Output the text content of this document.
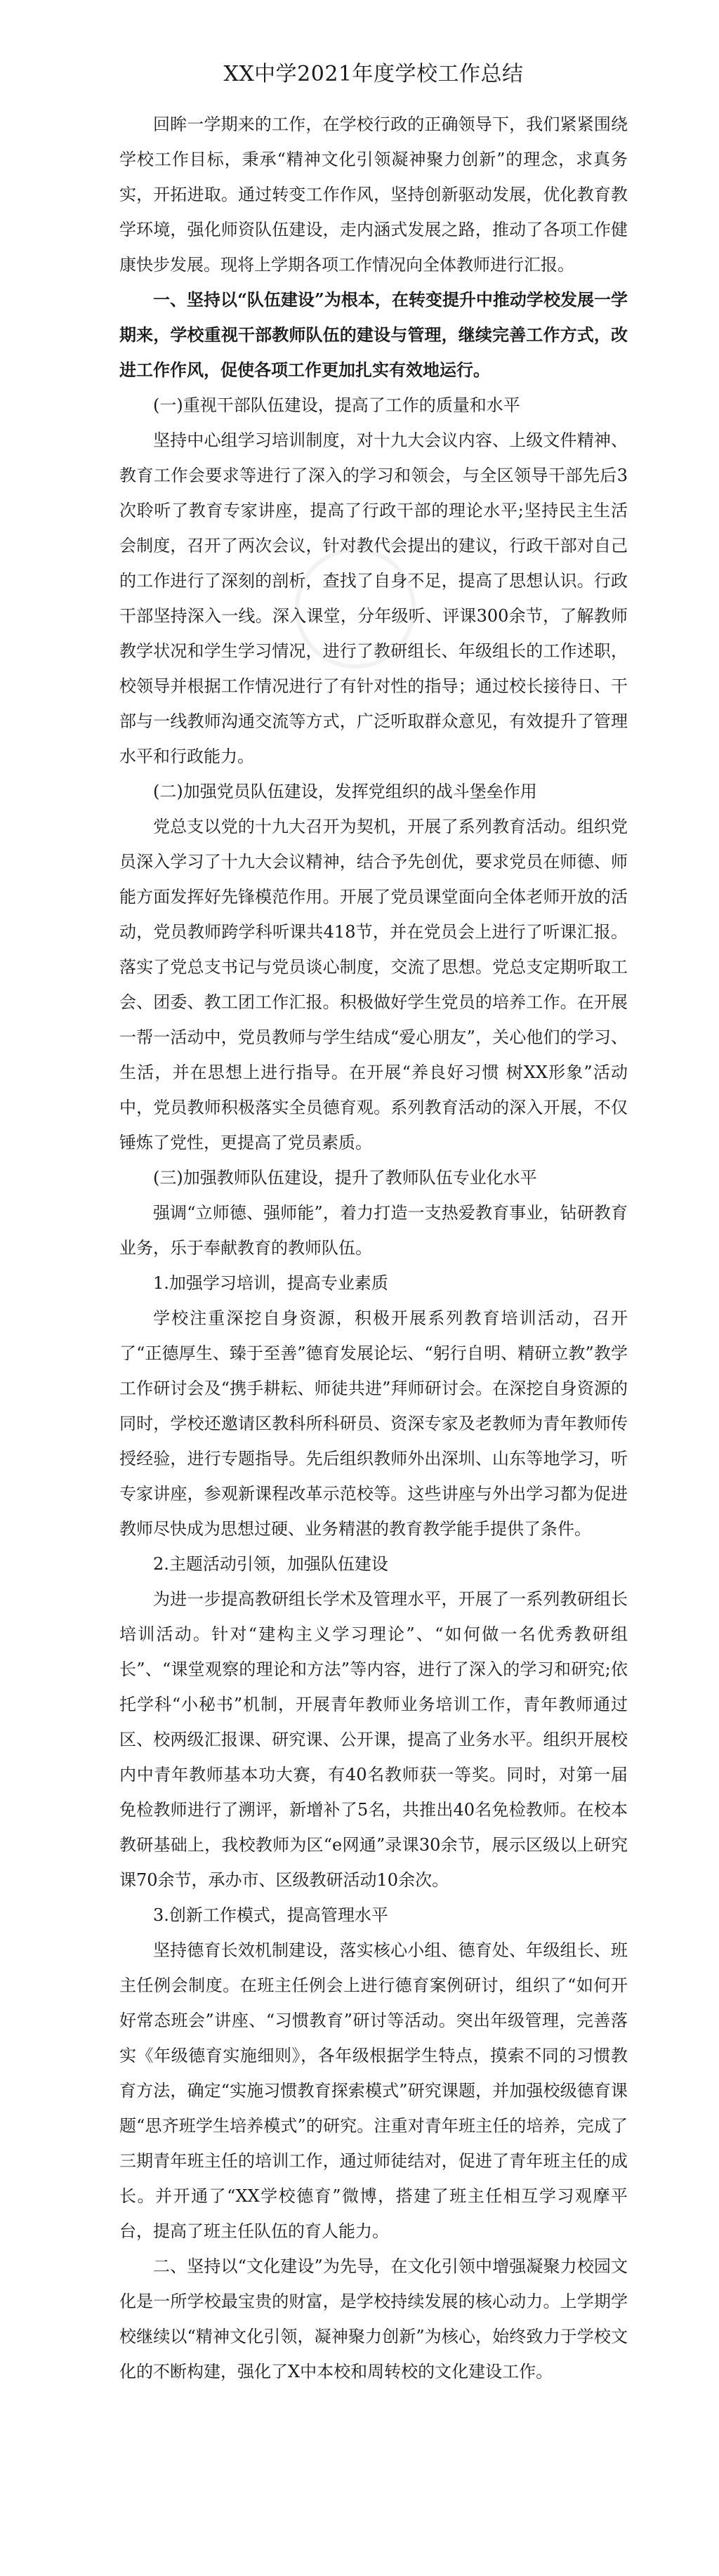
XX中学2021年度学校工作总结

回眸一学期来的工作，在学校行政的正确领导下，我们紧紧围绕学校工作目标，秉承“精神文化引领凝神聚力创新”的理念，求真务实，开拓进取。通过转变工作作风，坚持创新驱动发展，优化教育教学环境，强化师资队伍建设，走内涵式发展之路，推动了各项工作健康快步发展。现将上学期各项工作情况向全体教师进行汇报。

一、坚持以“队伍建设”为根本，在转变提升中推动学校发展一学期来，学校重视干部教师队伍的建设与管理，继续完善工作方式，改进工作作风，促使各项工作更加扎实有效地运行。

(一)重视干部队伍建设，提高了工作的质量和水平

坚持中心组学习培训制度，对十九大会议内容、上级文件精神、教育工作会要求等进行了深入的学习和领会，与全区领导干部先后3次聆听了教育专家讲座，提高了行政干部的理论水平;坚持民主生活会制度，召开了两次会议，针对教代会提出的建议，行政干部对自己的工作进行了深刻的剖析，查找了自身不足，提高了思想认识。行政干部坚持深入一线。深入课堂，分年级听、评课300余节，了解教师教学状况和学生学习情况，进行了教研组长、年级组长的工作述职，校领导并根据工作情况进行了有针对性的指导；通过校长接待日、干部与一线教师沟通交流等方式，广泛听取群众意见，有效提升了管理水平和行政能力。

(二)加强党员队伍建设，发挥党组织的战斗堡垒作用

党总支以党的十九大召开为契机，开展了系列教育活动。组织党员深入学习了十九大会议精神，结合予先创优，要求党员在师德、师能方面发挥好先锋模范作用。开展了党员课堂面向全体老师开放的活动，党员教师跨学科听课共418节，并在党员会上进行了听课汇报。落实了党总支书记与党员谈心制度，交流了思想。党总支定期听取工会、团委、教工团工作汇报。积极做好学生党员的培养工作。在开展一帮一活动中，党员教师与学生结成“爱心朋友”，关心他们的学习、生活，并在思想上进行指导。在开展“养良好习惯 树XX形象”活动中，党员教师积极落实全员德育观。系列教育活动的深入开展，不仅锤炼了党性，更提高了党员素质。

(三)加强教师队伍建设，提升了教师队伍专业化水平

强调“立师德、强师能”，着力打造一支热爱教育事业，钻研教育业务，乐于奉献教育的教师队伍。

1.加强学习培训，提高专业素质

学校注重深挖自身资源，积极开展系列教育培训活动，召开了“正德厚生、臻于至善”德育发展论坛、“躬行自明、精研立教”教学工作研讨会及“携手耕耘、师徒共进”拜师研讨会。在深挖自身资源的同时，学校还邀请区教科所科研员、资深专家及老教师为青年教师传授经验，进行专题指导。先后组织教师外出深圳、山东等地学习，听专家讲座，参观新课程改革示范校等。这些讲座与外出学习都为促进教师尽快成为思想过硬、业务精湛的教育教学能手提供了条件。

2.主题活动引领，加强队伍建设

为进一步提高教研组长学术及管理水平，开展了一系列教研组长培训活动。针对“建构主义学习理论”、“如何做一名优秀教研组长”、“课堂观察的理论和方法”等内容，进行了深入的学习和研究;依托学科“小秘书”机制，开展青年教师业务培训工作，青年教师通过区、校两级汇报课、研究课、公开课，提高了业务水平。组织开展校内中青年教师基本功大赛，有40名教师获一等奖。同时，对第一届免检教师进行了溯评，新增补了5名，共推出40名免检教师。在校本教研基础上，我校教师为区“e网通”录课30余节，展示区级以上研究课70余节，承办市、区级教研活动10余次。

3.创新工作模式，提高管理水平

坚持德育长效机制建设，落实核心小组、德育处、年级组长、班主任例会制度。在班主任例会上进行德育案例研讨，组织了“如何开好常态班会”讲座、“习惯教育”研讨等活动。突出年级管理，完善落实《年级德育实施细则》，各年级根据学生特点，摸索不同的习惯教育方法，确定“实施习惯教育探索模式”研究课题，并加强校级德育课题“思齐班学生培养模式”的研究。注重对青年班主任的培养，完成了三期青年班主任的培训工作，通过师徒结对，促进了青年班主任的成长。并开通了“XX学校德育”微博，搭建了班主任相互学习观摩平台，提高了班主任队伍的育人能力。

二、坚持以“文化建设”为先导，在文化引领中增强凝聚力校园文化是一所学校最宝贵的财富，是学校持续发展的核心动力。上学期学校继续以“精神文化引领，凝神聚力创新”为核心，始终致力于学校文化的不断构建，强化了X中本校和周转校的文化建设工作。
